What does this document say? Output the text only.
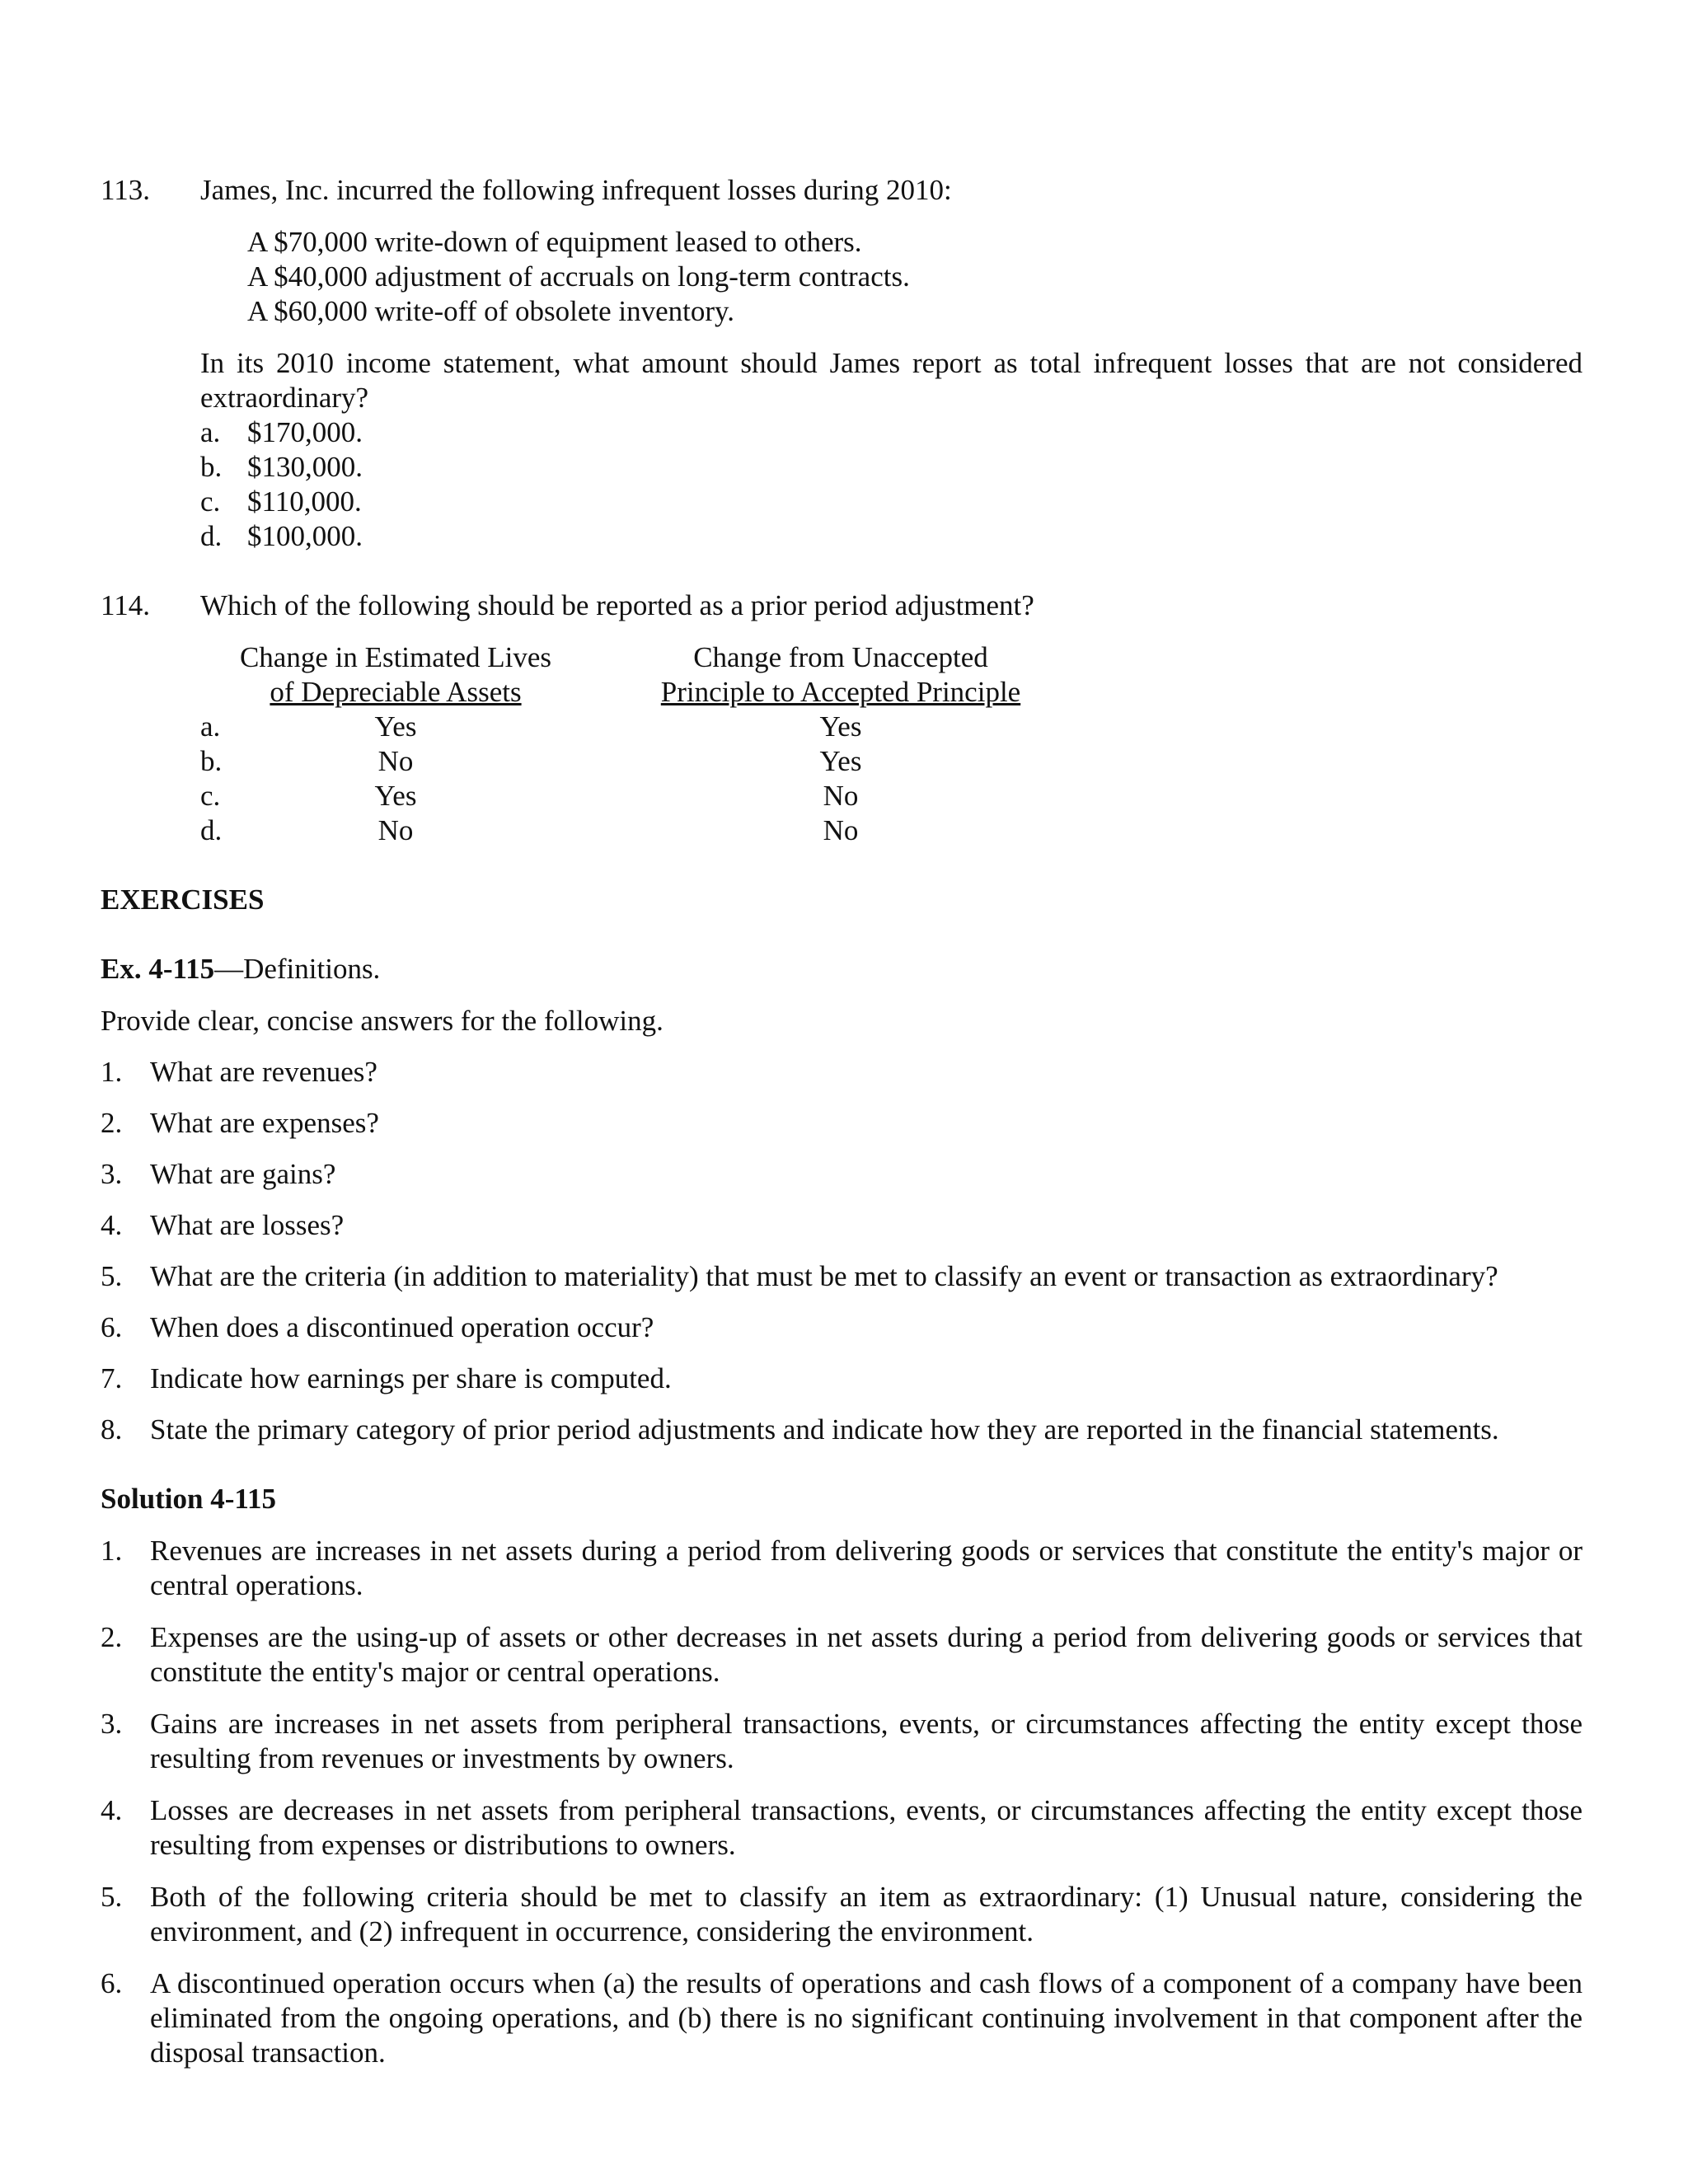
113. James, Inc. incurred the following infrequent losses during 2010:
A $70,000 write-down of equipment leased to others.
A $40,000 adjustment of accruals on long-term contracts.
A $60,000 write-off of obsolete inventory.
In its 2010 income statement, what amount should James report as total infrequent losses that are not considered
extraordinary?
a. $170,000.
b. $130,000.
c. $110,000.
d. $100,000.
114. Which of the following should be reported as a prior period adjustment?
Change in Estimated Lives
of Depreciable Assets
Change from Unaccepted
Principle to Accepted Principle
a.	Yes	Yes
b.	No	Yes
c.	Yes	No
d.	No	No
EXERCISES
Ex. 4-115—Definitions.
Provide clear, concise answers for the following.
1. What are revenues?
2. What are expenses?
3. What are gains?
4. What are losses?
5. What are the criteria (in addition to materiality) that must be met to classify an event or transaction as extraordinary?
6. When does a discontinued operation occur?
7. Indicate how earnings per share is computed.
8. State the primary category of prior period adjustments and indicate how they are reported in the financial statements.
Solution 4-115
1. Revenues are increases in net assets during a period from delivering goods or services that constitute the entity's major or central operations.
2. Expenses are the using-up of assets or other decreases in net assets during a period from delivering goods or services that constitute the entity's major or central operations.
3. Gains are increases in net assets from peripheral transactions, events, or circumstances affecting the entity except those resulting from revenues or investments by owners.
4. Losses are decreases in net assets from peripheral transactions, events, or circumstances affecting the entity except those resulting from expenses or distributions to owners.
5. Both of the following criteria should be met to classify an item as extraordinary: (1) Unusual nature, considering the environment, and (2) infrequent in occurrence, considering the environment.
6. A discontinued operation occurs when (a) the results of operations and cash flows of a component of a company have been eliminated from the ongoing operations, and (b) there is no significant continuing involvement in that component after the disposal transaction.
